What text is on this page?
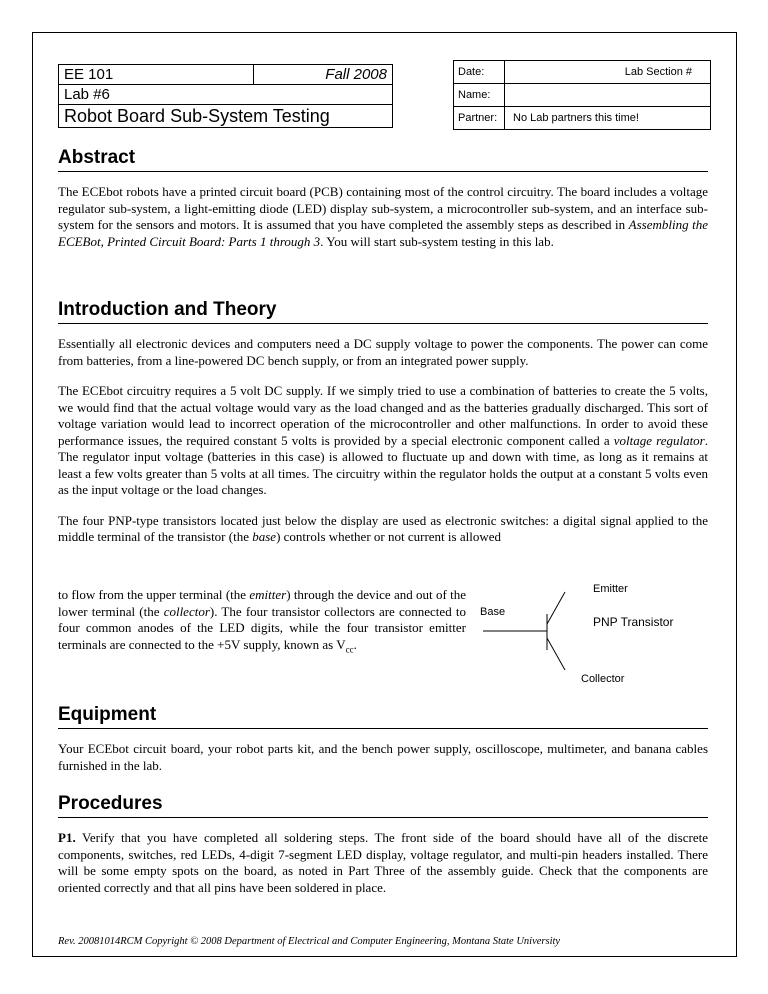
EE 101	Fall 2008
Lab #6
Robot Board Sub-System Testing
Date:	Lab Section #

Name:	
Partner:	No Lab partners this time!
Abstract

The ECEbot robots have a printed circuit board (PCB) containing most of the control circuitry. The board includes a voltage regulator sub-system, a light-emitting diode (LED) display sub-system, a microcontroller sub-system, and an interface sub-system for the sensors and motors. It is assumed that you have completed the assembly steps as described in Assembling the ECEBot, Printed Circuit Board: Parts 1 through 3. You will start sub-system testing in this lab.

Introduction and Theory

Essentially all electronic devices and computers need a DC supply voltage to power the components. The power can come from batteries, from a line-powered DC bench supply, or from an integrated power supply.

The ECEbot circuitry requires a 5 volt DC supply. If we simply tried to use a combination of batteries to create the 5 volts, we would find that the actual voltage would vary as the load changed and as the batteries gradually discharged. This sort of voltage variation would lead to incorrect operation of the microcontroller and other malfunctions. In order to avoid these performance issues, the required constant 5 volts is provided by a special electronic component called a voltage regulator. The regulator input voltage (batteries in this case) is allowed to fluctuate up and down with time, as long as it remains at least a few volts greater than 5 volts at all times. The circuitry within the regulator holds the output at a constant 5 volts even as the input voltage or the load changes.

The four PNP-type transistors located just below the display are used as electronic switches: a digital signal applied to the middle terminal of the transistor (the base) controls whether or not current is allowed

to flow from the upper terminal (the emitter) through the device and out of the lower terminal (the collector). The four transistor collectors are connected to four common anodes of the LED digits, while the four transistor emitter terminals are connected to the +5V supply, known as $V_{cc}$.

Emitter
Base
PNP Transistor
Collector
Equipment

Your ECEbot circuit board, your robot parts kit, and the bench power supply, oscilloscope, multimeter, and banana cables furnished in the lab.

Procedures

P1. Verify that you have completed all soldering steps. The front side of the board should have all of the discrete components, switches, red LEDs, 4-digit 7-segment LED display, voltage regulator, and multi-pin headers installed. There will be some empty spots on the board, as noted in Part Three of the assembly guide. Check that the components are oriented correctly and that all pins have been soldered in place.

Rev. 20081014RCM Copyright © 2008 Department of Electrical and Computer Engineering, Montana State University
